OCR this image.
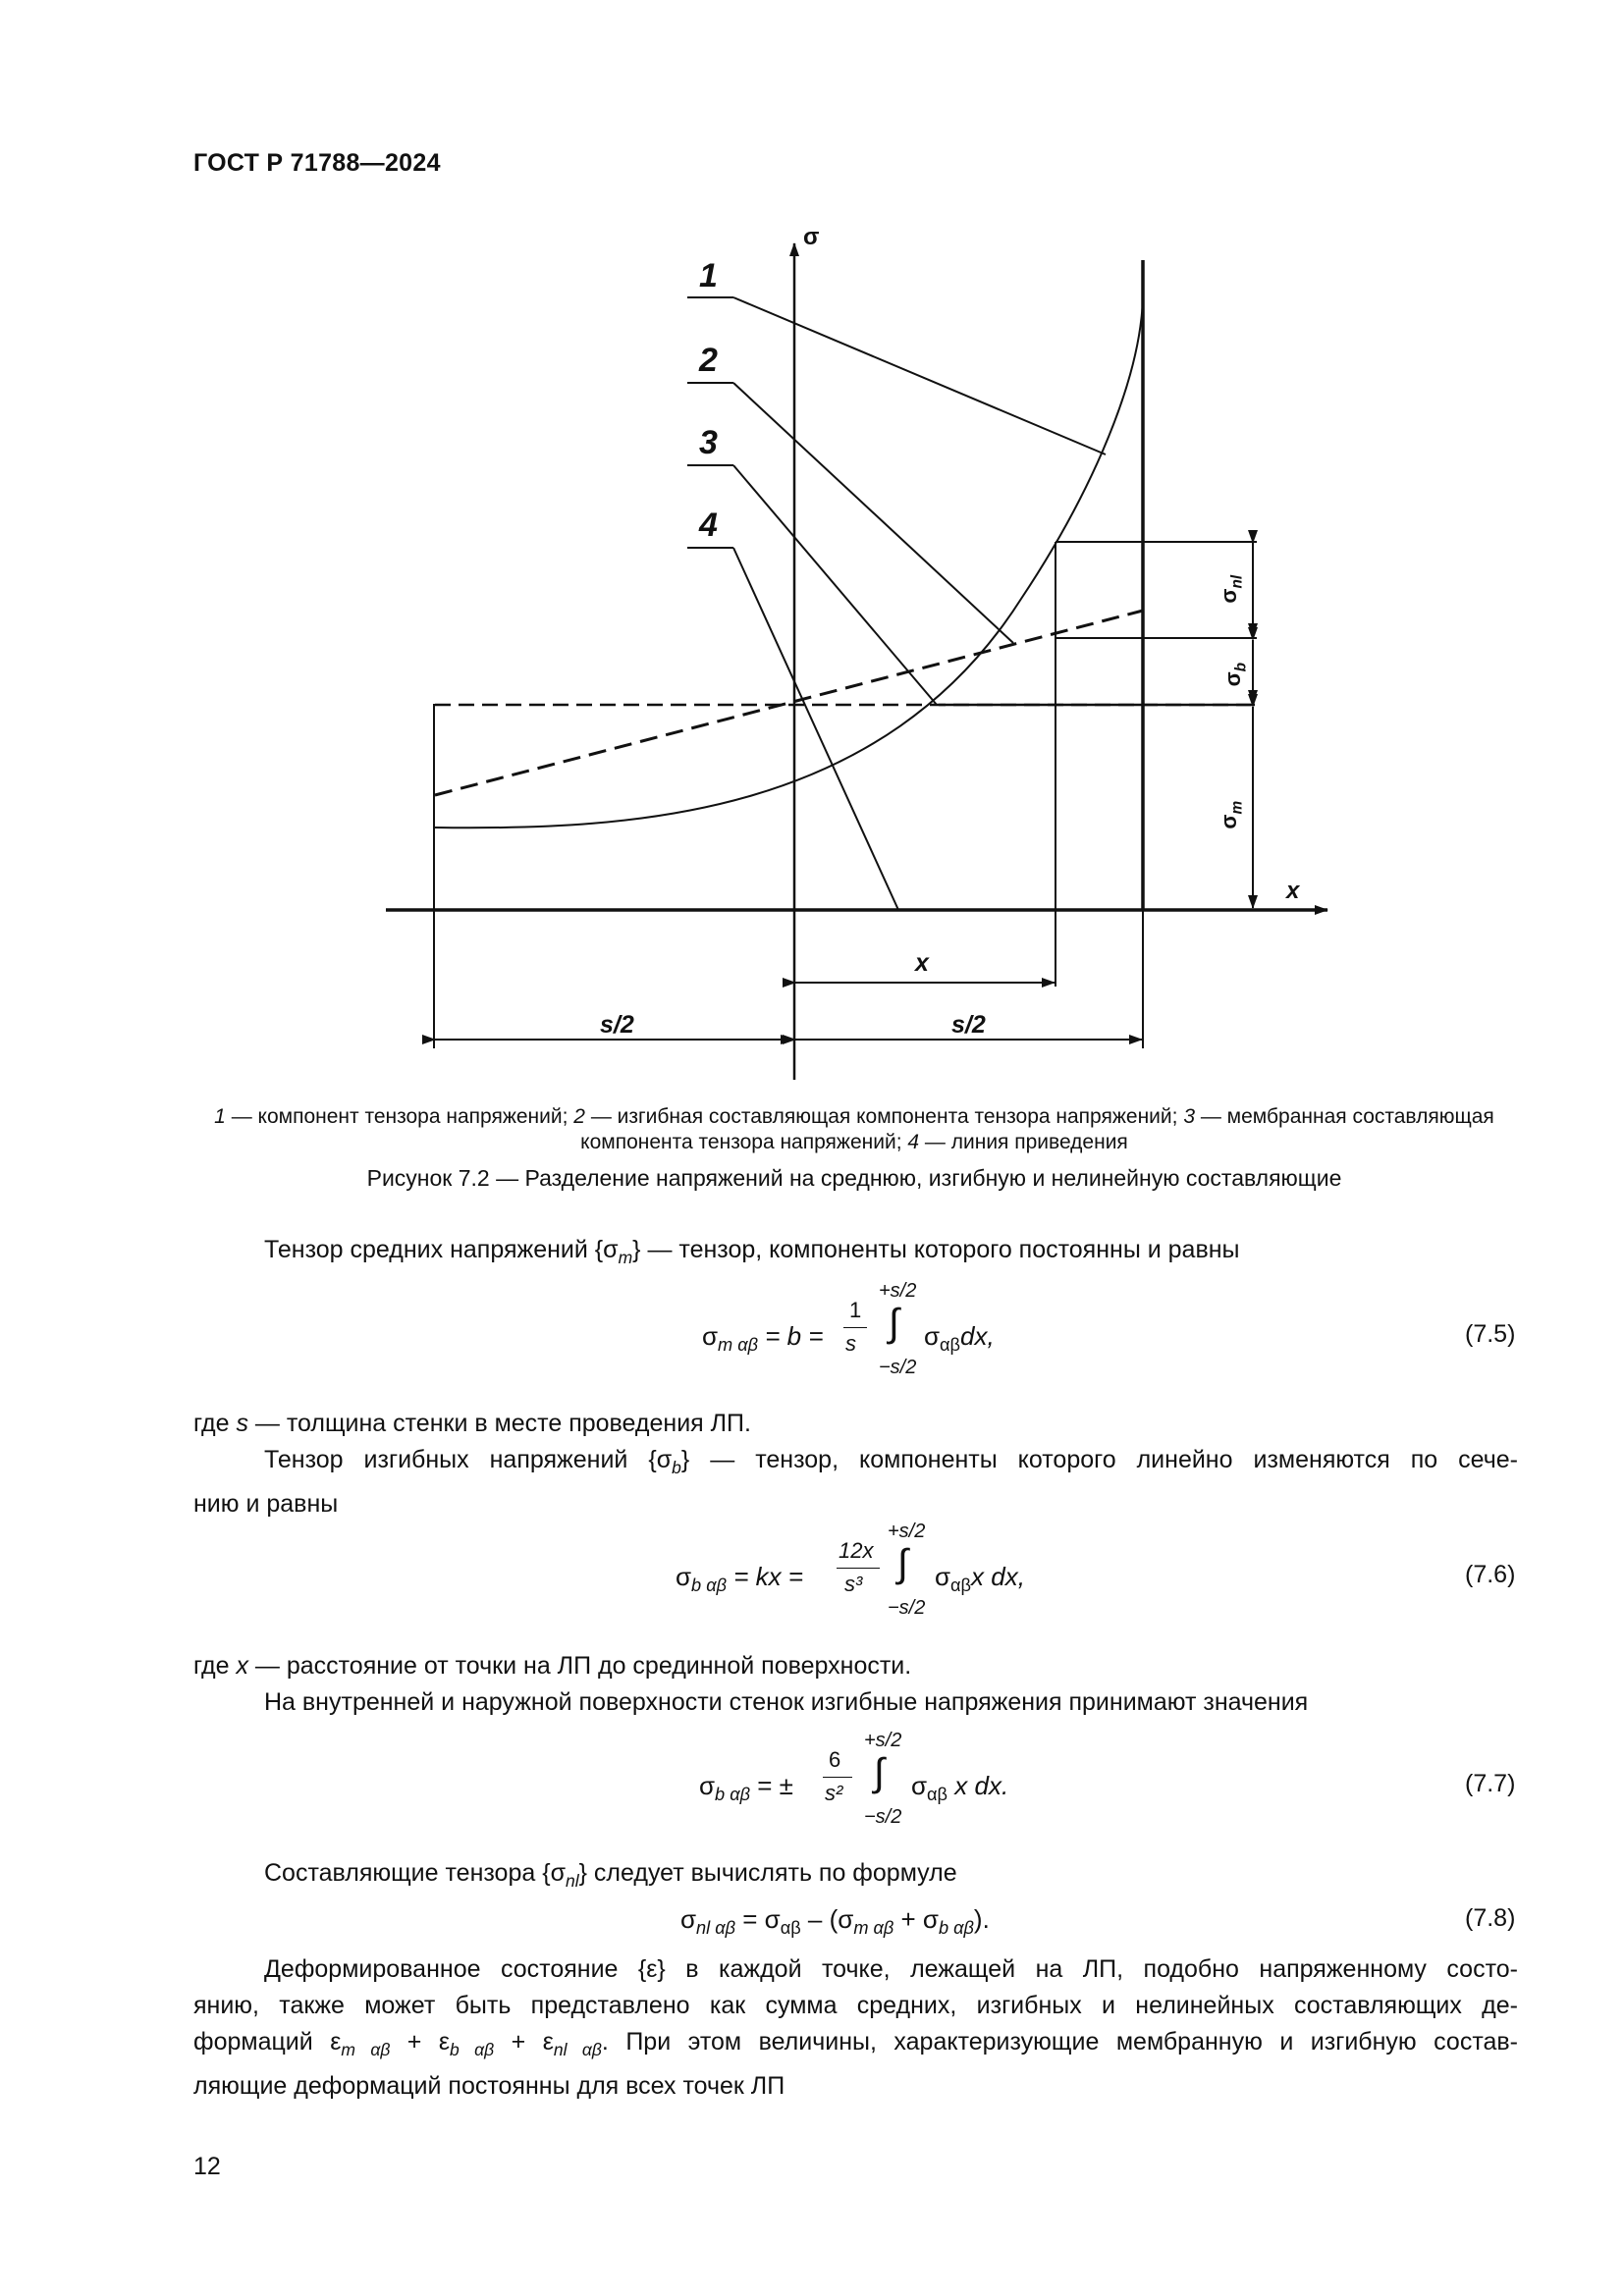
ГОСТ Р 71788—2024
σ
x
1
2
3
4
$\sigma_{nl}$
$\sigma_b$
$\sigma_m$
x
s/2	s/2
1 — компонент тензора напряжений; 2 — изгибная составляющая компонента тензора напряжений; 3 — мембранная составляющая
компонента тензора напряжений; 4 — линия приведения
Рисунок 7.2 — Разделение напряжений на среднюю, изгибную и нелинейную составляющие
Тензор средних напряжений $\{\sigma_m\}$ — тензор, компоненты которого постоянны и равны
$\sigma_{m \alpha\beta} = b$ =
1
s
+s/2
∫
−s/2
$\sigma_{\alpha\beta}dx$,	(7.5)
где s — толщина стенки в месте проведения ЛП.
Тензор изгибных напряжений $\{\sigma_b\}$ — тензор, компоненты которого линейно изменяются по сече-
нию и равны
$\sigma_{b \alpha\beta}$ = kx =
12x
s³
+s/2
∫
−s/2
$\sigma_{\alpha\beta}x$ dx,	(7.6)
где x — расстояние от точки на ЛП до срединной поверхности.
На внутренней и наружной поверхности стенок изгибные напряжения принимают значения
$\sigma_{b \alpha\beta}$ = ±
6
s²
+s/2
∫
−s/2
$\sigma_{\alpha\beta}$ x dx.	(7.7)
Составляющие тензора $\{\sigma_{nl}\}$ следует вычислять по формуле
$\sigma_{nl \alpha\beta} = \sigma_{\alpha\beta} - (\sigma_{m \alpha\beta} + \sigma_{b \alpha\beta})$.	(7.8)
Деформированное состояние {ε} в каждой точке, лежащей на ЛП, подобно напряженному состо-
янию, также может быть представлено как сумма средних, изгибных и нелинейных составляющих де-
формаций $\varepsilon_{m \alpha\beta} + \varepsilon_{b \alpha\beta} + \varepsilon_{nl \alpha\beta}$. При этом величины, характеризующие мембранную и изгибную состав-
ляющие деформаций постоянны для всех точек ЛП
12
